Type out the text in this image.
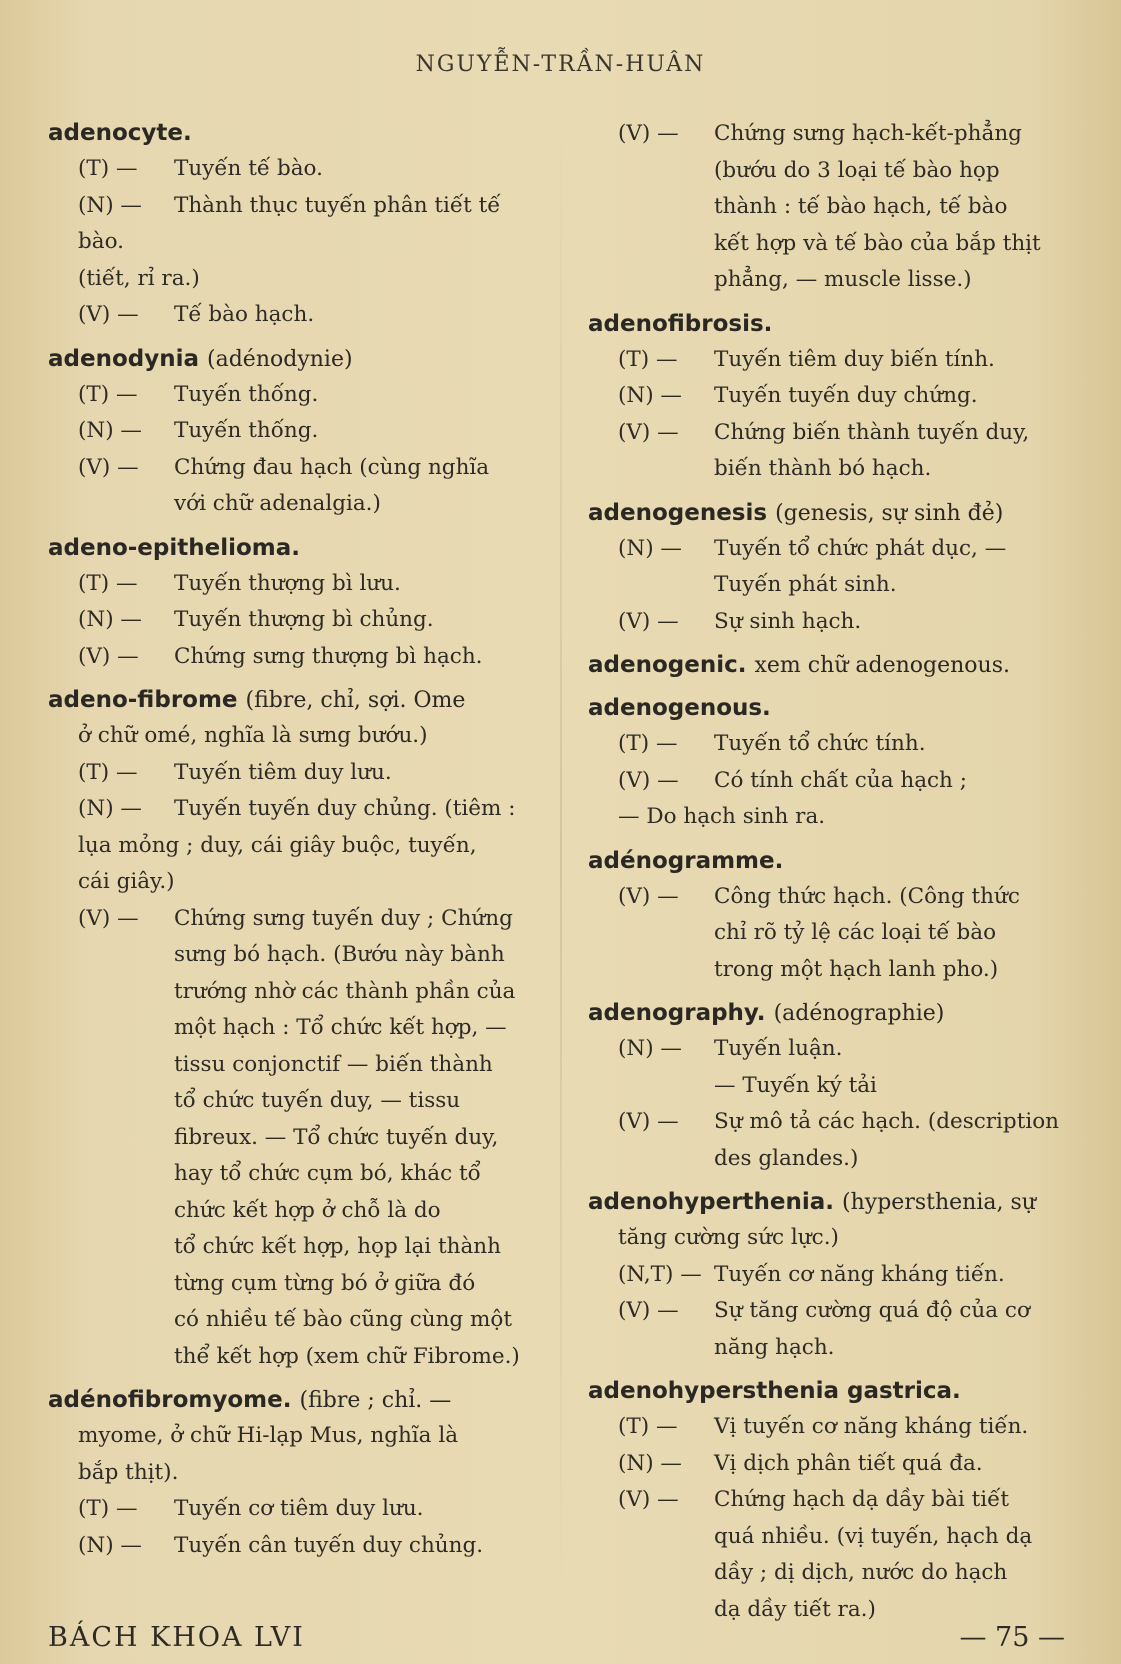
NGUYỄN-TRẦN-HUÂN
adenocyte.
(T) —	Tuyến tế bào.
(N) —	Thành thục tuyến phân tiết tế
bào.
(tiết, rỉ ra.)
(V) —	Tế bào hạch.
adenodynia (adénodynie)
(T) —	Tuyến thống.
(N) —	Tuyến thống.
(V) —	Chứng đau hạch (cùng nghĩa
với chữ adenalgia.)
adeno-epithelioma.
(T) —	Tuyến thượng bì lưu.
(N) —	Tuyến thượng bì chủng.
(V) —	Chứng sưng thượng bì hạch.
adeno-fibrome (fibre, chỉ, sợi. Ome
ở chữ omé, nghĩa là sưng bướu.)
(T) —	Tuyến tiêm duy lưu.
(N) —	Tuyến tuyến duy chủng. (tiêm :
lụa mỏng ; duy, cái giây buộc, tuyến,
cái giây.)
(V) —	Chứng sưng tuyến duy ; Chứng
sưng bó hạch. (Bướu này bành
trướng nhờ các thành phần của
một hạch : Tổ chức kết hợp, —
tissu conjonctif — biến thành
tổ chức tuyến duy, — tissu
fibreux. — Tổ chức tuyến duy,
hay tổ chức cụm bó, khác tổ
chức kết hợp ở chỗ là do
tổ chức kết hợp, họp lại thành
từng cụm từng bó ở giữa đó
có nhiều tế bào cũng cùng một
thể kết hợp (xem chữ Fibrome.)
adénofibromyome. (fibre ; chỉ. —
myome, ở chữ Hi-lạp Mus, nghĩa là
bắp thịt).
(T) —	Tuyến cơ tiêm duy lưu.
(N) —	Tuyến cân tuyến duy chủng.
(V) —	Chứng sưng hạch-kết-phẳng
(bướu do 3 loại tế bào họp
thành : tế bào hạch, tế bào
kết hợp và tế bào của bắp thịt
phẳng, — muscle lisse.)
adenofibrosis.
(T) —	Tuyến tiêm duy biến tính.
(N) —	Tuyến tuyến duy chứng.
(V) —	Chứng biến thành tuyến duy,
biến thành bó hạch.
adenogenesis (genesis, sự sinh đẻ)
(N) —	Tuyến tổ chức phát dục, —
Tuyến phát sinh.
(V) —	Sự sinh hạch.
adenogenic. xem chữ adenogenous.
adenogenous.
(T) —	Tuyến tổ chức tính.
(V) —	Có tính chất của hạch ;
— Do hạch sinh ra.
adénogramme.
(V) —	Công thức hạch. (Công thức
chỉ rõ tỷ lệ các loại tế bào
trong một hạch lanh pho.)
adenography. (adénographie)
(N) —	Tuyến luận.
— Tuyến ký tải
(V) —	Sự mô tả các hạch. (description
des glandes.)
adenohyperthenia. (hypersthenia, sự
tăng cường sức lực.)
(N,T) — Tuyến cơ năng kháng tiến.
(V) —	Sự tăng cường quá độ của cơ
năng hạch.
adenohypersthenia gastrica.
(T) —	Vị tuyến cơ năng kháng tiến.
(N) —	Vị dịch phân tiết quá đa.
(V) —	Chứng hạch dạ dầy bài tiết
quá nhiều. (vị tuyến, hạch dạ
dầy ; dị dịch, nước do hạch
dạ dầy tiết ra.)
BÁCH KHOA LVI	— 75 —
